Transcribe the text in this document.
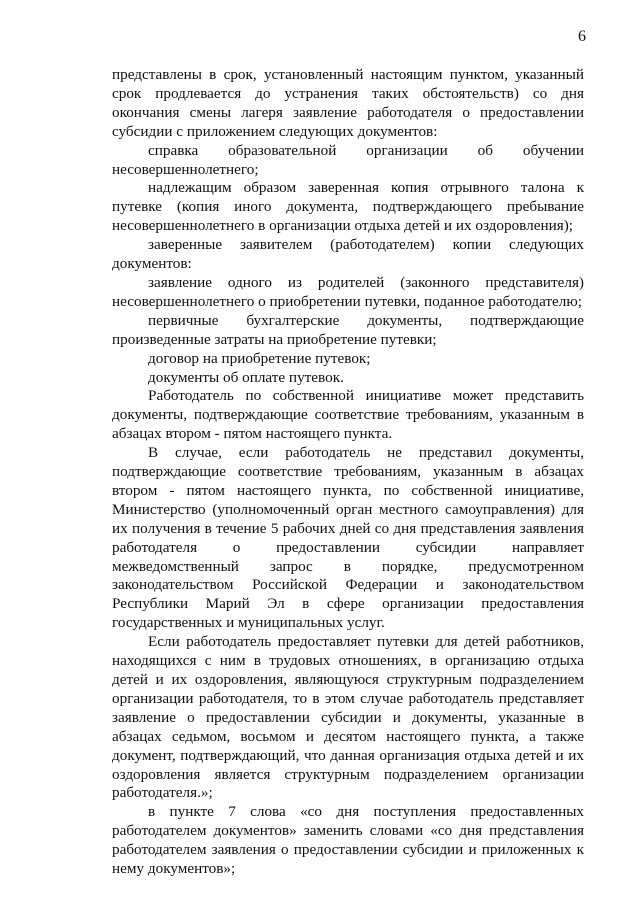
6

представлены в срок, установленный настоящим пунктом, указанный срок продлевается до устранения таких обстоятельств) со дня окончания смены лагеря заявление работодателя о предоставлении субсидии с приложением следующих документов:

справка образовательной организации об обучении несовершеннолетнего;

надлежащим образом заверенная копия отрывного талона к путевке (копия иного документа, подтверждающего пребывание несовершеннолетнего в организации отдыха детей и их оздоровления);

заверенные заявителем (работодателем) копии следующих документов:

заявление одного из родителей (законного представителя) несовершеннолетнего о приобретении путевки, поданное работодателю;

первичные бухгалтерские документы, подтверждающие произведенные затраты на приобретение путевки;

договор на приобретение путевок;

документы об оплате путевок.

Работодатель по собственной инициативе может представить документы, подтверждающие соответствие требованиям, указанным в абзацах втором - пятом настоящего пункта.

В случае, если работодатель не представил документы, подтверждающие соответствие требованиям, указанным в абзацах втором - пятом настоящего пункта, по собственной инициативе, Министерство (уполномоченный орган местного самоуправления) для их получения в течение 5 рабочих дней со дня представления заявления работодателя о предоставлении субсидии направляет межведомственный запрос в порядке, предусмотренном законодательством Российской Федерации и законодательством Республики Марий Эл в сфере организации предоставления государственных и муниципальных услуг.

Если работодатель предоставляет путевки для детей работников, находящихся с ним в трудовых отношениях, в организацию отдыха детей и их оздоровления, являющуюся структурным подразделением организации работодателя, то в этом случае работодатель представляет заявление о предоставлении субсидии и документы, указанные в абзацах седьмом, восьмом и десятом настоящего пункта, а также документ, подтверждающий, что данная организация отдыха детей и их оздоровления является структурным подразделением организации работодателя.»;

в пункте 7 слова «со дня поступления предоставленных работодателем документов» заменить словами «со дня представления работодателем заявления о предоставлении субсидии и приложенных к нему документов»;
